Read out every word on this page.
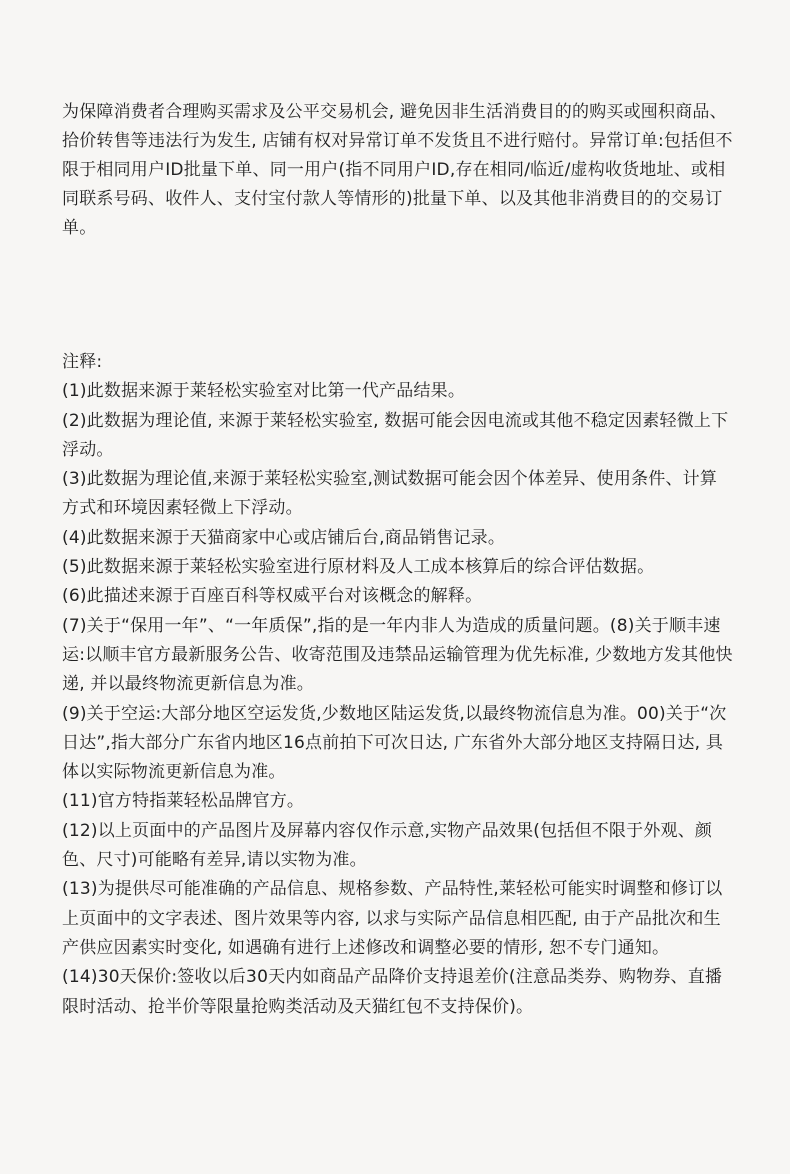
为保障消费者合理购买需求及公平交易机会, 避免因非生活消费目的的购买或囤积商品、拾价转售等违法行为发生, 店铺有权对异常订单不发货且不进行赔付。异常订单:包括但不限于相同用户ID批量下单、同一用户(指不同用户ID,存在相同/临近/虚构收货地址、或相同联系号码、收件人、支付宝付款人等情形的)批量下单、以及其他非消费目的的交易订单。

注释:

(1)此数据来源于莱轻松实验室对比第一代产品结果。

(2)此数据为理论值, 来源于莱轻松实验室, 数据可能会因电流或其他不稳定因素轻微上下浮动。

(3)此数据为理论值,来源于莱轻松实验室,测试数据可能会因个体差异、使用条件、计算方式和环境因素轻微上下浮动。

(4)此数据来源于天猫商家中心或店铺后台,商品销售记录。

(5)此数据来源于莱轻松实验室进行原材料及人工成本核算后的综合评估数据。

(6)此描述来源于百座百科等权威平台对该概念的解释。

(7)关于“保用一年”、“一年质保”,指的是一年内非人为造成的质量问题。(8)关于顺丰速运:以顺丰官方最新服务公告、收寄范围及违禁品运输管理为优先标准, 少数地方发其他快递, 并以最终物流更新信息为准。

(9)关于空运:大部分地区空运发货,少数地区陆运发货,以最终物流信息为准。00)关于“次日达”,指大部分广东省内地区16点前拍下可次日达, 广东省外大部分地区支持隔日达, 具体以实际物流更新信息为准。

(11)官方特指莱轻松品牌官方。

(12)以上页面中的产品图片及屏幕内容仅作示意,实物产品效果(包括但不限于外观、颜色、尺寸)可能略有差异,请以实物为准。

(13)为提供尽可能准确的产品信息、规格参数、产品特性,莱轻松可能实时调整和修订以上页面中的文字表述、图片效果等内容, 以求与实际产品信息相匹配, 由于产品批次和生产供应因素实时变化, 如遇确有进行上述修改和调整必要的情形, 恕不专门通知。

(14)30天保价:签收以后30天内如商品产品降价支持退差价(注意品类券、购物券、直播限时活动、抢半价等限量抢购类活动及天猫红包不支持保价)。
